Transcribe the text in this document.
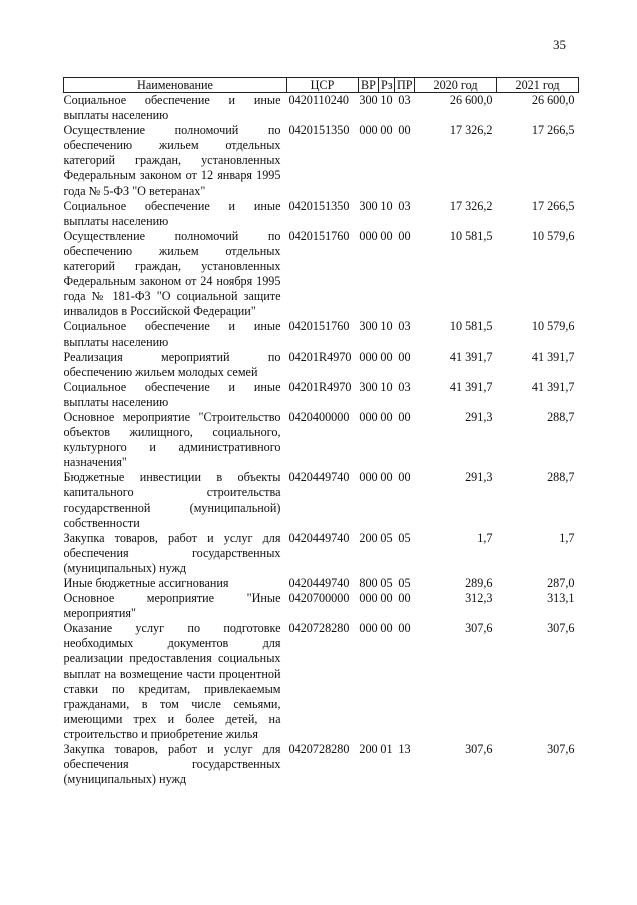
35
Наименование	ЦСР	ВР	Рз	ПР	2020 год	2021 год
Социальное обеспечение и иные выплаты населению	0420110240	300	10	03	26 600,0	26 600,0
Осуществление полномочий по обеспечению жильем отдельных категорий граждан, установленных Федеральным законом от 12 января 1995 года № 5-ФЗ "О ветеранах"	0420151350	000	00	00	17 326,2	17 266,5
Социальное обеспечение и иные выплаты населению	0420151350	300	10	03	17 326,2	17 266,5
Осуществление полномочий по обеспечению жильем отдельных категорий граждан, установленных Федеральным законом от 24 ноября 1995 года № 181-ФЗ "О социальной защите инвалидов в Российской Федерации"	0420151760	000	00	00	10 581,5	10 579,6
Социальное обеспечение и иные выплаты населению	0420151760	300	10	03	10 581,5	10 579,6
Реализация мероприятий по обеспечению жильем молодых семей	04201R4970	000	00	00	41 391,7	41 391,7
Социальное обеспечение и иные выплаты населению	04201R4970	300	10	03	41 391,7	41 391,7
Основное мероприятие "Строительство объектов жилищного, социального, культурного и административного назначения"	0420400000	000	00	00	291,3	288,7
Бюджетные инвестиции в объекты капитального строительства государственной (муниципальной) собственности	0420449740	000	00	00	291,3	288,7
Закупка товаров, работ и услуг для обеспечения государственных (муниципальных) нужд	0420449740	200	05	05	1,7	1,7
Иные бюджетные ассигнования	0420449740	800	05	05	289,6	287,0
Основное мероприятие "Иные мероприятия"	0420700000	000	00	00	312,3	313,1
Оказание услуг по подготовке необходимых документов для реализации предоставления социальных выплат на возмещение части процентной ставки по кредитам, привлекаемым гражданами, в том числе семьями, имеющими трех и более детей, на строительство и приобретение жилья	0420728280	000	00	00	307,6	307,6
Закупка товаров, работ и услуг для обеспечения государственных (муниципальных) нужд	0420728280	200	01	13	307,6	307,6
